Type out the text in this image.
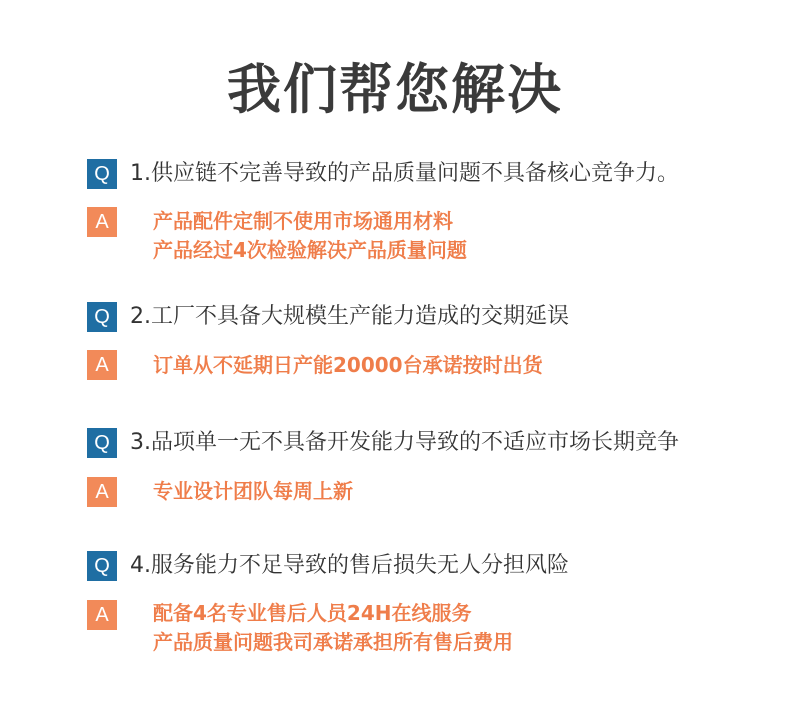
我们帮您解决
Q 1.供应链不完善导致的产品质量问题不具备核心竞争力。
A	产品配件定制不使用市场通用材料
产品经过4次检验解决产品质量问题
Q 2.工厂不具备大规模生产能力造成的交期延误
A	订单从不延期日产能20000台承诺按时出货
Q 3.品项单一无不具备开发能力导致的不适应市场长期竞争
A	专业设计团队每周上新
Q 4.服务能力不足导致的售后损失无人分担风险
A	配备4名专业售后人员24H在线服务
产品质量问题我司承诺承担所有售后费用
